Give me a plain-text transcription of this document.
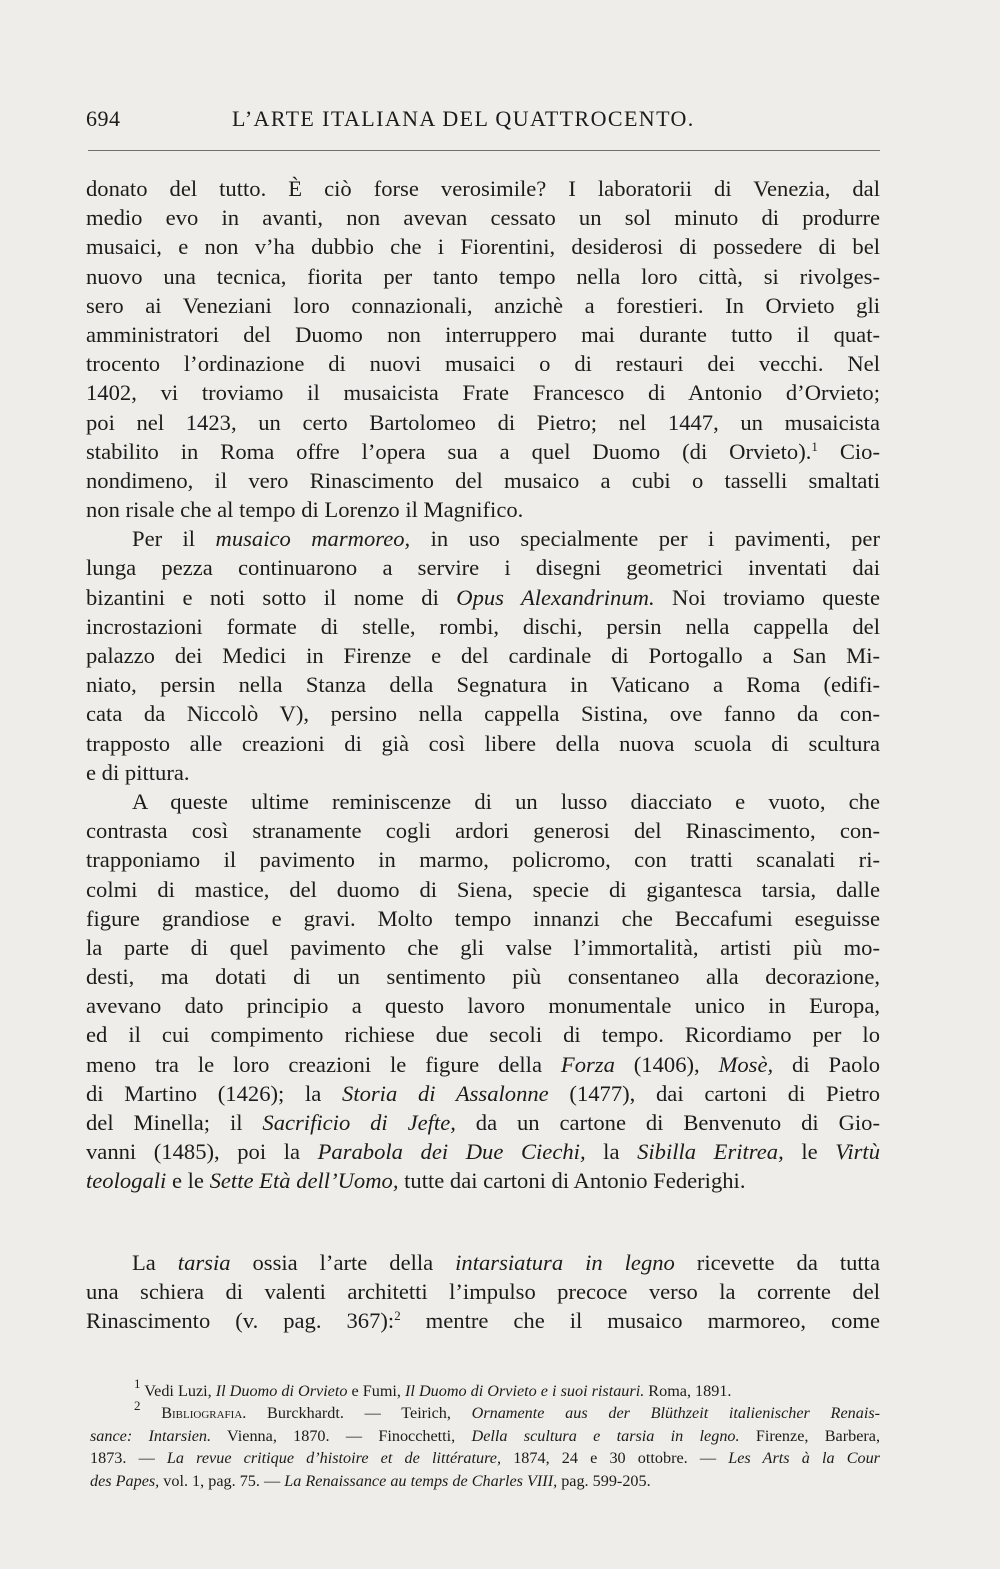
694	L’ARTE ITALIANA DEL QUATTROCENTO.
donato del tutto. È ciò forse verosimile? I laboratorii di Venezia, dal
medio evo in avanti, non avevan cessato un sol minuto di produrre
musaici, e non v’ha dubbio che i Fiorentini, desiderosi di possedere di bel
nuovo una tecnica, fiorita per tanto tempo nella loro città, si rivolges-
sero ai Veneziani loro connazionali, anzichè a forestieri. In Orvieto gli
amministratori del Duomo non interruppero mai durante tutto il quat-
trocento l’ordinazione di nuovi musaici o di restauri dei vecchi. Nel
1402, vi troviamo il musaicista Frate Francesco di Antonio d’Orvieto;
poi nel 1423, un certo Bartolomeo di Pietro; nel 1447, un musaicista
stabilito in Roma offre l’opera sua a quel Duomo (di Orvieto).$^1$ Cio-
nondimeno, il vero Rinascimento del musaico a cubi o tasselli smaltati
non risale che al tempo di Lorenzo il Magnifico.
Per il musaico marmoreo, in uso specialmente per i pavimenti, per
lunga pezza continuarono a servire i disegni geometrici inventati dai
bizantini e noti sotto il nome di Opus Alexandrinum. Noi troviamo queste
incrostazioni formate di stelle, rombi, dischi, persin nella cappella del
palazzo dei Medici in Firenze e del cardinale di Portogallo a San Mi-
niato, persin nella Stanza della Segnatura in Vaticano a Roma (edifi-
cata da Niccolò V), persino nella cappella Sistina, ove fanno da con-
trapposto alle creazioni di già così libere della nuova scuola di scultura
e di pittura.
A queste ultime reminiscenze di un lusso diacciato e vuoto, che
contrasta così stranamente cogli ardori generosi del Rinascimento, con-
trapponiamo il pavimento in marmo, policromo, con tratti scanalati ri-
colmi di mastice, del duomo di Siena, specie di gigantesca tarsia, dalle
figure grandiose e gravi. Molto tempo innanzi che Beccafumi eseguisse
la parte di quel pavimento che gli valse l’immortalità, artisti più mo-
desti, ma dotati di un sentimento più consentaneo alla decorazione,
avevano dato principio a questo lavoro monumentale unico in Europa,
ed il cui compimento richiese due secoli di tempo. Ricordiamo per lo
meno tra le loro creazioni le figure della Forza (1406), Mosè, di Paolo
di Martino (1426); la Storia di Assalonne (1477), dai cartoni di Pietro
del Minella; il Sacrificio di Jefte, da un cartone di Benvenuto di Gio-
vanni (1485), poi la Parabola dei Due Ciechi, la Sibilla Eritrea, le Virtù
teologali e le Sette Età dell’Uomo, tutte dai cartoni di Antonio Federighi.
La tarsia ossia l’arte della intarsiatura in legno ricevette da tutta
una schiera di valenti architetti l’impulso precoce verso la corrente del
Rinascimento (v. pag. 367):$^2$ mentre che il musaico marmoreo, come
$^1$ Vedi Luzi, Il Duomo di Orvieto e Fumi, Il Duomo di Orvieto e i suoi ristauri. Roma, 1891.
$^2$ Bibliografia. Burckhardt. — Teirich, Ornamente aus der Blüthzeit italienischer Renais-
sance: Intarsien. Vienna, 1870. — Finocchetti, Della scultura e tarsia in legno. Firenze, Barbera,
1873. — La revue critique d’histoire et de littérature, 1874, 24 e 30 ottobre. — Les Arts à la Cour
des Papes, vol. 1, pag. 75. — La Renaissance au temps de Charles VIII, pag. 599-205.
